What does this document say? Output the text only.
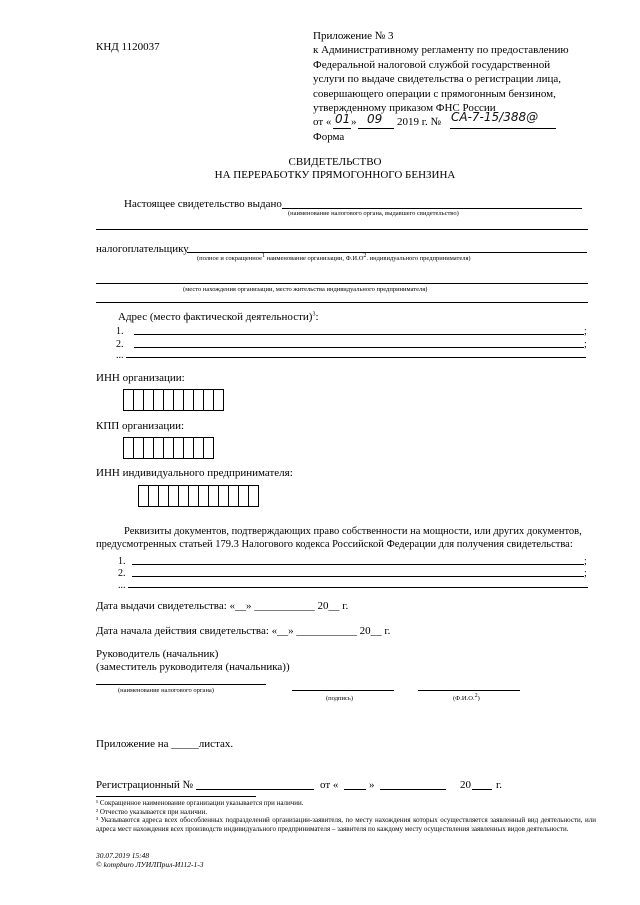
КНД 1120037
Приложение № 3
к Административному регламенту по предоставлению
Федеральной налоговой службой государственной
услуги по выдаче свидетельства о регистрации лица,
совершающего операции с прямогонным бензином,
утвержденному приказом ФНС России
от « 01 » 09 2019 г. № СА-7-15/388@
Форма
СВИДЕТЕЛЬСТВО
НА ПЕРЕРАБОТКУ ПРЯМОГОННОГО БЕНЗИНА
Настоящее свидетельство выдано
(наименование налогового органа, выдавшего свидетельство)
налогоплательщику
(полное и сокращенное1 наименование организации, Ф.И.О2. индивидуального предпринимателя)
(место нахождения организации, место жительства индивидуального предпринимателя)
Адрес (место фактической деятельности)$^3$:
1.	;
2.	;
...
ИНН организации:
КПП организации:
ИНН индивидуального предпринимателя:
Реквизиты документов, подтверждающих право собственности на мощности, или других документов,
предусмотренных статьей 179.3 Налогового кодекса Российской Федерации для получения свидетельства:
1.	;
2.	;
...
Дата выдачи свидетельства: «__» ___________ 20__ г.
Дата начала действия свидетельства: «__» ___________ 20__ г.
Руководитель (начальник)
(заместитель руководителя (начальника))
(наименование налогового органа)
(подпись)	(Ф.И.О.2)
Приложение на _____листах.
Регистрационный №	от «	»	20 г.

¹ Сокращенное наименование организации указывается при наличии.

² Отчество указывается при наличии.

³ Указываются адреса всех обособленных подразделений организации-заявителя, по месту нахождения которых осуществляется заявленный вид деятельности, или адреса мест нахождения всех производств индивидуального предпринимателя – заявителя по каждому месту осуществления заявленных видов деятельности.

30.07.2019 15:48
© kompburo ЛУИЛПрил-И112-1-3
